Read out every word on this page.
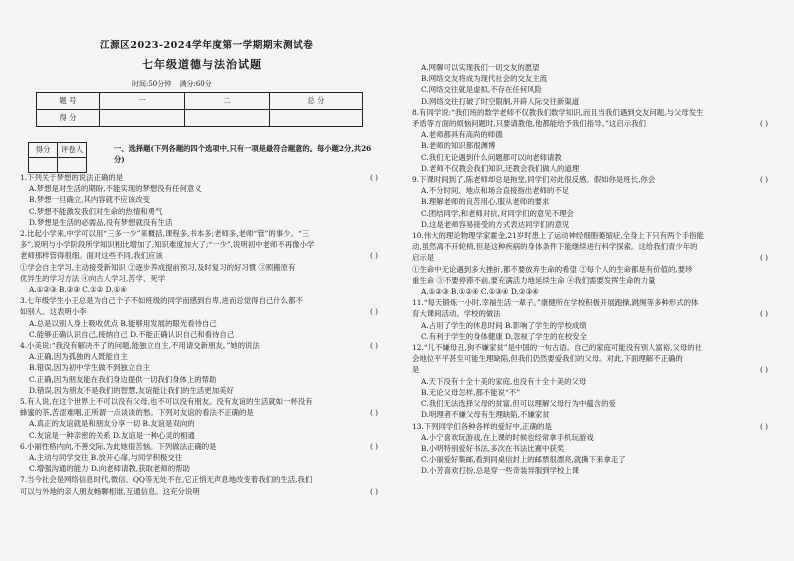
江源区2023-2024学年度第一学期期末测试卷
七年级道德与法治试题
时间:50分钟 满分:60分
题 号	一	二	总 分
得 分			
得分	评卷人
		一、选择题(下列各题的四个选项中,只有一项是最符合题意的。每小题2分,共26分)
( )
1.下列关于梦想的说法正确的是
A.梦想是对生活的期盼,不能实现的梦想没有任何意义
B.梦想一旦确立,其内容就不应该改变
C.梦想不能激发我们对生命的热情和勇气
D.梦想是生活的必需品,没有梦想就没有生活
2.比起小学来,中学可以用“三多一少”来概括,课程多,书本多;老师多,老师“管”的事少。“三
多”,说明与小学阶段所学知识相比增加了,知识难度加大了;“一少”,说明初中老师不再像小学
( )
老师那样管得很细。面对这些不同,我们应该
①学会自主学习,主动接受新知识 ②逐步养成提前预习,及时复习的好习惯 ③照搬原有
优异生的学习方法 ④向古人学习,苦学、死学
A.①②③ B.②③ C.①② D.①④
3.七年级学生小王总是为自己个子不如班级的同学而感到自卑,进而总觉得自己什么都不
( )
如别人。这表明小李
A.总是以别人身上吸收优点 B.能够用发展的眼光看待自己
C.能够正确认识自己,接纳自己 D.不能正确认识自己和看待自己
( )
4.小美说:“我没有解决不了的问题,能独立自主,不用请交新朋友。”她的说法
A.正确,因为孤独的人既能自主
B.错误,因为初中学生做不到独立自主
C.正确,因为朋友能在我们身边提供一切我们身体上的帮助
D.错误,因为朋友不是我们的智慧,友谊能让我们的生活更加美好
5.有人说,在这个世界上不可以没有父母,也不可以没有朋友。没有友谊的生活就如一杯没有
( )
蜂蜜的茶,苦涩难咽,正所谓一点谈谈的愁。下列对友谊的看法不正确的是
A.真正的友谊就是和朋友分享一切 B.友谊是双向的
C.友谊是一种亲密的关系 D.友谊是一种心灵的相通
( )
6.小丽性格内向,不善交际,为此她很苦恼。下列做法正确的是
A.主动与同学交往 B.放开心扉,与同学积极交往
C.增强沟通的能力 D.向老师请教,获取老师的帮助
7.当今社会是网络信息时代,微信、QQ等无处不在,它正悄无声息地改变着我们的生活,我们
( )
可以与外地的亲人朋友畅聊相谁,互通信息。这充分说明
A.网聊可以实现我们一切交友的愿望
B.网络交友将成为现代社会的交友主流
C.网络交往就是虚拟,不存在任何风险
D.网络交往打破了时空限制,开辟人际交往新渠道
8.有同学说:“我们班的数学老师不仅教我们数学知识,而且当我们遇到交友问题,与父母发生
( )
矛盾等方面的烦恼问题时,只要请教他,他都能给予我们指导。”这启示我们
A.老师都具有高尚的师德
B.老师的知识都很渊博
C.我们无论遇到什么问题都可以向老师请教
D.老师不仅教会我们知识,还教会我们做人的道理
( )
9.下课时间到了,陈老师却总是拖堂,同学们对此很反感。假如你是班长,你会
A.不分时间、地点和场合直接指出老师的不足
B.理解老师的良苦用心,服从老师的要求
C.团结同学,和老师对抗,对同学们的意见不理会
D.这是老师容易接受的方式表达同学们的意见
10.伟大的理论物理学家霍金,21岁时患上了运动神经细胞萎缩症,全身上下只有两个手指能
动,虽然离不开轮椅,但是这种疾病的身体条件下能继续进行科学探索。这给我们青少年的
( )
启示是
①生命中无论遇到多大挫折,都不要放弃生命的希望 ②每个人的生命都是有价值的,要珍
重生命 ③不要停滞不前,要充满活力地延续生命 ④我们需要发挥生命的力量
A.①②③ B.①②④ C.①③④ D.②③④
11.“每天锻炼一小时,幸福生活一辈子。”康健所在学校积极开展跑操,跳绳等多种形式的体
( )
育大课间活动。学校的做法
A.占用了学生的休息时间 B.影响了学生的学校成绩
C.有利于学生的身体健康 D.忽视了学生的在校安全
12.“儿不嫌母丑,狗不嫌家贫”是中国的一句古语。自己的家庭可能没有别人富裕,父母的社
会地位平平甚至可能生理缺陷,但我们仍然要爱我们的父母。对此,下面理解不正确的
( )
是
A.天下没有十全十美的家庭,也没有十全十美的父母
B.无论父母怎样,都不能说“不”
C.我们无法选择父母的贫富,但可以理解父母行为中蕴含的爱
D.明理者不嫌父母有生理缺陷,不嫌家贫
( )
13.下列同学们各种各样的爱好中,正确的是
A.小宁喜欢玩游戏,在上课的时候也经常拿手机玩游戏
B.小明特别爱好书法,多次在书法比赛中获奖
C.小丽爱好集邮,看到同桌信封上的邮票很漂亮,就撕下来拿走了
D.小芳喜欢打扮,总是穿一些奇装异服到学校上课
